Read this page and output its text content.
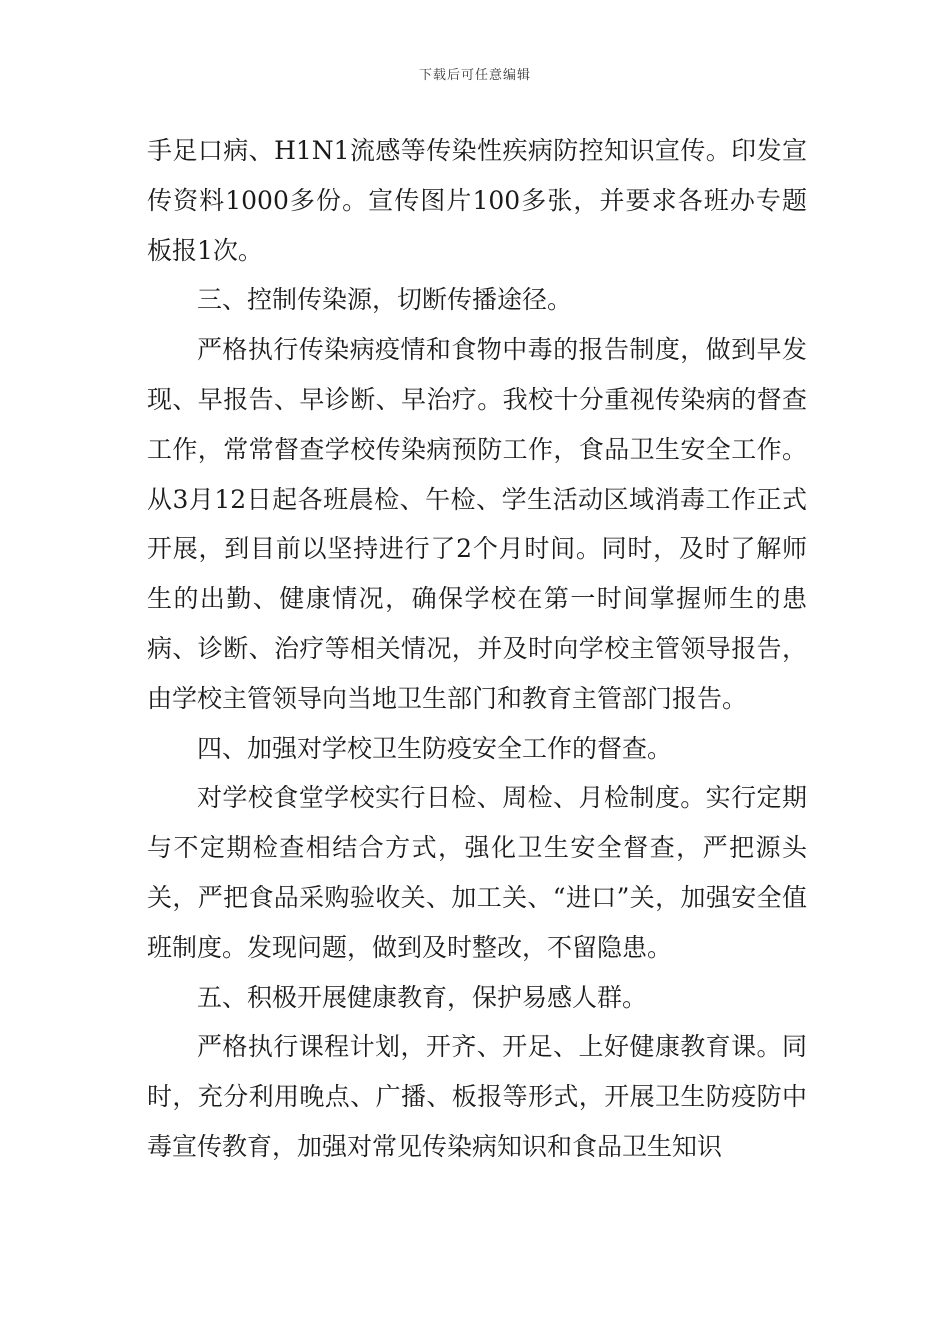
下载后可任意编辑

手足口病、H1N1流感等传染性疾病防控知识宣传。印发宣传资料1000多份。宣传图片100多张，并要求各班办专题板报1次。

三、控制传染源，切断传播途径。

严格执行传染病疫情和食物中毒的报告制度，做到早发现、早报告、早诊断、早治疗。我校十分重视传染病的督查工作，常常督查学校传染病预防工作，食品卫生安全工作。从3月12日起各班晨检、午检、学生活动区域消毒工作正式开展，到目前以坚持进行了2个月时间。同时，及时了解师生的出勤、健康情况，确保学校在第一时间掌握师生的患病、诊断、治疗等相关情况，并及时向学校主管领导报告，由学校主管领导向当地卫生部门和教育主管部门报告。

四、加强对学校卫生防疫安全工作的督查。

对学校食堂学校实行日检、周检、月检制度。实行定期与不定期检查相结合方式，强化卫生安全督查，严把源头关，严把食品采购验收关、加工关、“进口”关，加强安全值班制度。发现问题，做到及时整改，不留隐患。

五、积极开展健康教育，保护易感人群。

严格执行课程计划，开齐、开足、上好健康教育课。同时，充分利用晚点、广播、板报等形式，开展卫生防疫防中毒宣传教育，加强对常见传染病知识和食品卫生知识
